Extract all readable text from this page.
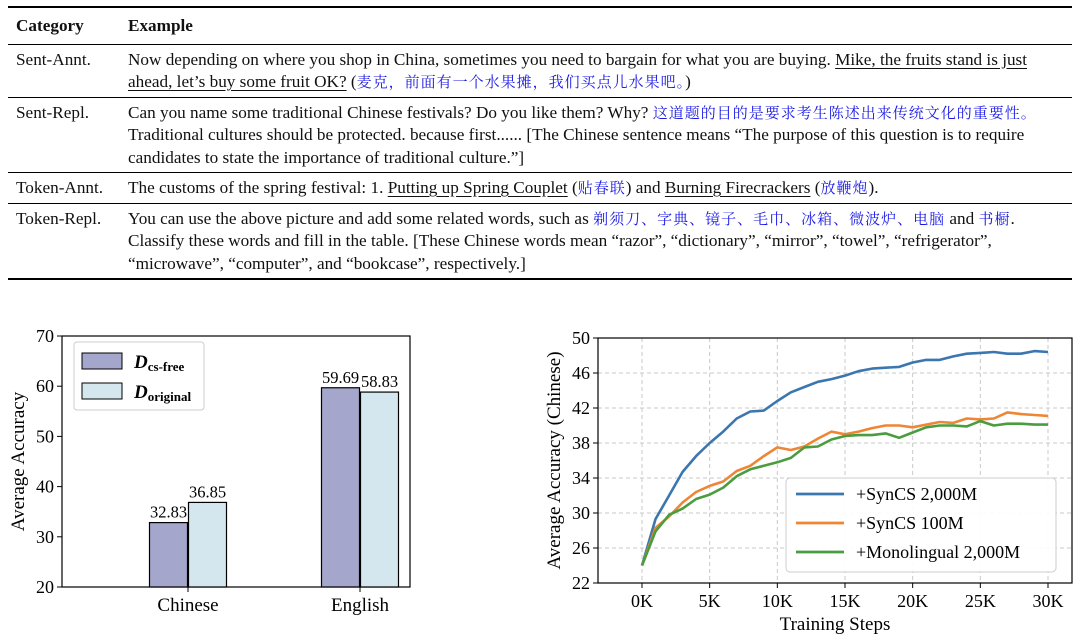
Category	Example
Sent-Annt.	Now depending on where you shop in China, sometimes you need to bargain for what you are buying. Mike, the fruits stand is just ahead, let’s buy some fruit OK? (麦克，前面有一个水果摊，我们买点儿水果吧。)
Sent-Repl.	Can you name some traditional Chinese festivals? Do you like them? Why? 这道题的目的是要求考生陈述出来传统文化的重要性。 Traditional cultures should be protected. because first...... [The Chinese sentence means “The purpose of this question is to require candidates to state the importance of traditional culture.”]
Token-Annt.	The customs of the spring festival: 1. Putting up Spring Couplet (贴春联) and Burning Firecrackers (放鞭炮).
Token-Repl.	You can use the above picture and add some related words, such as 剃须刀、字典、镜子、毛巾、冰箱、微波炉、电脑 and 书橱. Classify these words and fill in the table. [These Chinese words mean “razor”, “dictionary”, “mirror”, “towel”, “refrigerator”, “microwave”, “computer”, and “bookcase”, respectively.]
20
30
40
50
60
70
Average Accuracy
Chinese
32.83
36.85
English
59.69 58.83
Dcs-free
Doriginal
22
26
30
34
38
42
46
50
0K	5K 10K 15K 20K 25K 30K
Training Steps
Average Accuracy (Chinese)	+SynCS 2,000M
+SynCS 100M
+Monolingual 2,000M
